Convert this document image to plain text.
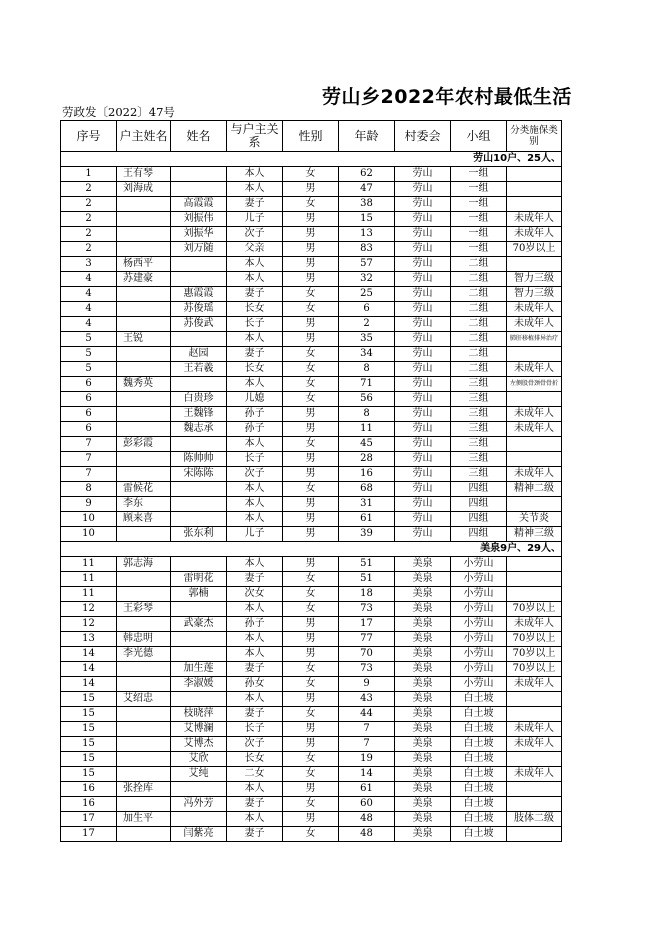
劳山乡2022年农村最低生活
劳政发〔2022〕47号
序号	户主姓名	姓名	与户主关系	性别	年龄	村委会	小组	分类施保类别
				劳山10户、25人、				
1	王有琴		本人	女	62	劳山	一组	
2	刘海成		本人	男	47	劳山	一组	
2		高霞霞	妻子	女	38	劳山	一组	
2		刘振伟	儿子	男	15	劳山	一组	未成年人
2		刘振华	次子	男	13	劳山	一组	未成年人
2		刘万随	父亲	男	83	劳山	一组	70岁以上
3	杨西平		本人	男	57	劳山	二组	
4	苏建豪		本人	男	32	劳山	二组	智力三级
4		惠霞霞	妻子	女	25	劳山	二组	智力三级
4		苏俊瑶	长女	女	6	劳山	二组	未成年人
4		苏俊武	长子	男	2	劳山	二组	未成年人
5	王锐		本人	男	35	劳山	二组	肺肝移植排异治疗
5		赵园	妻子	女	34	劳山	二组	
5		王若羲	长女	女	8	劳山	二组	未成年人
6	魏秀英		本人	女	71	劳山	三组	左侧股骨颈骨骨折
6		白贵珍	儿媳	女	56	劳山	三组	
6		王魏锋	孙子	男	8	劳山	三组	未成年人
6		魏志承	孙子	男	11	劳山	三组	未成年人
7	彭彩霞		本人	女	45	劳山	三组	
7		陈帅帅	长子	男	28	劳山	三组	
7		宋陈陈	次子	男	16	劳山	三组	未成年人
8	雷候花		本人	女	68	劳山	四组	精神二级
9	李东		本人	男	31	劳山	四组	
10	顾来喜		本人	男	61	劳山	四组	关节炎
10		张东利	儿子	男	39	劳山	四组	精神三级
				美泉9户、29人、				
11	郭志海		本人	男	51	美泉	小劳山	
11		雷明花	妻子	女	51	美泉	小劳山	
11		郭楠	次女	女	18	美泉	小劳山	
12	王彩琴		本人	女	73	美泉	小劳山	70岁以上
12		武豪杰	孙子	男	17	美泉	小劳山	未成年人
13	韩忠明		本人	男	77	美泉	小劳山	70岁以上
14	李光德		本人	男	70	美泉	小劳山	70岁以上
14		加生莲	妻子	女	73	美泉	小劳山	70岁以上
14		李淑媛	孙女	女	9	美泉	小劳山	未成年人
15	艾绍忠		本人	男	43	美泉	白土坡	
15		枝晓萍	妻子	女	44	美泉	白土坡	
15		艾博澜	长子	男	7	美泉	白土坡	未成年人
15		艾博杰	次子	男	7	美泉	白土坡	未成年人
15		艾欣	长女	女	19	美泉	白土坡	
15		艾纯	二女	女	14	美泉	白土坡	未成年人
16	张拴库		本人	男	61	美泉	白土坡	
16		冯外芳	妻子	女	60	美泉	白土坡	
17	加生平		本人	男	48	美泉	白土坡	肢体二级
17		闫紫亮	妻子	女	48	美泉	白土坡	
